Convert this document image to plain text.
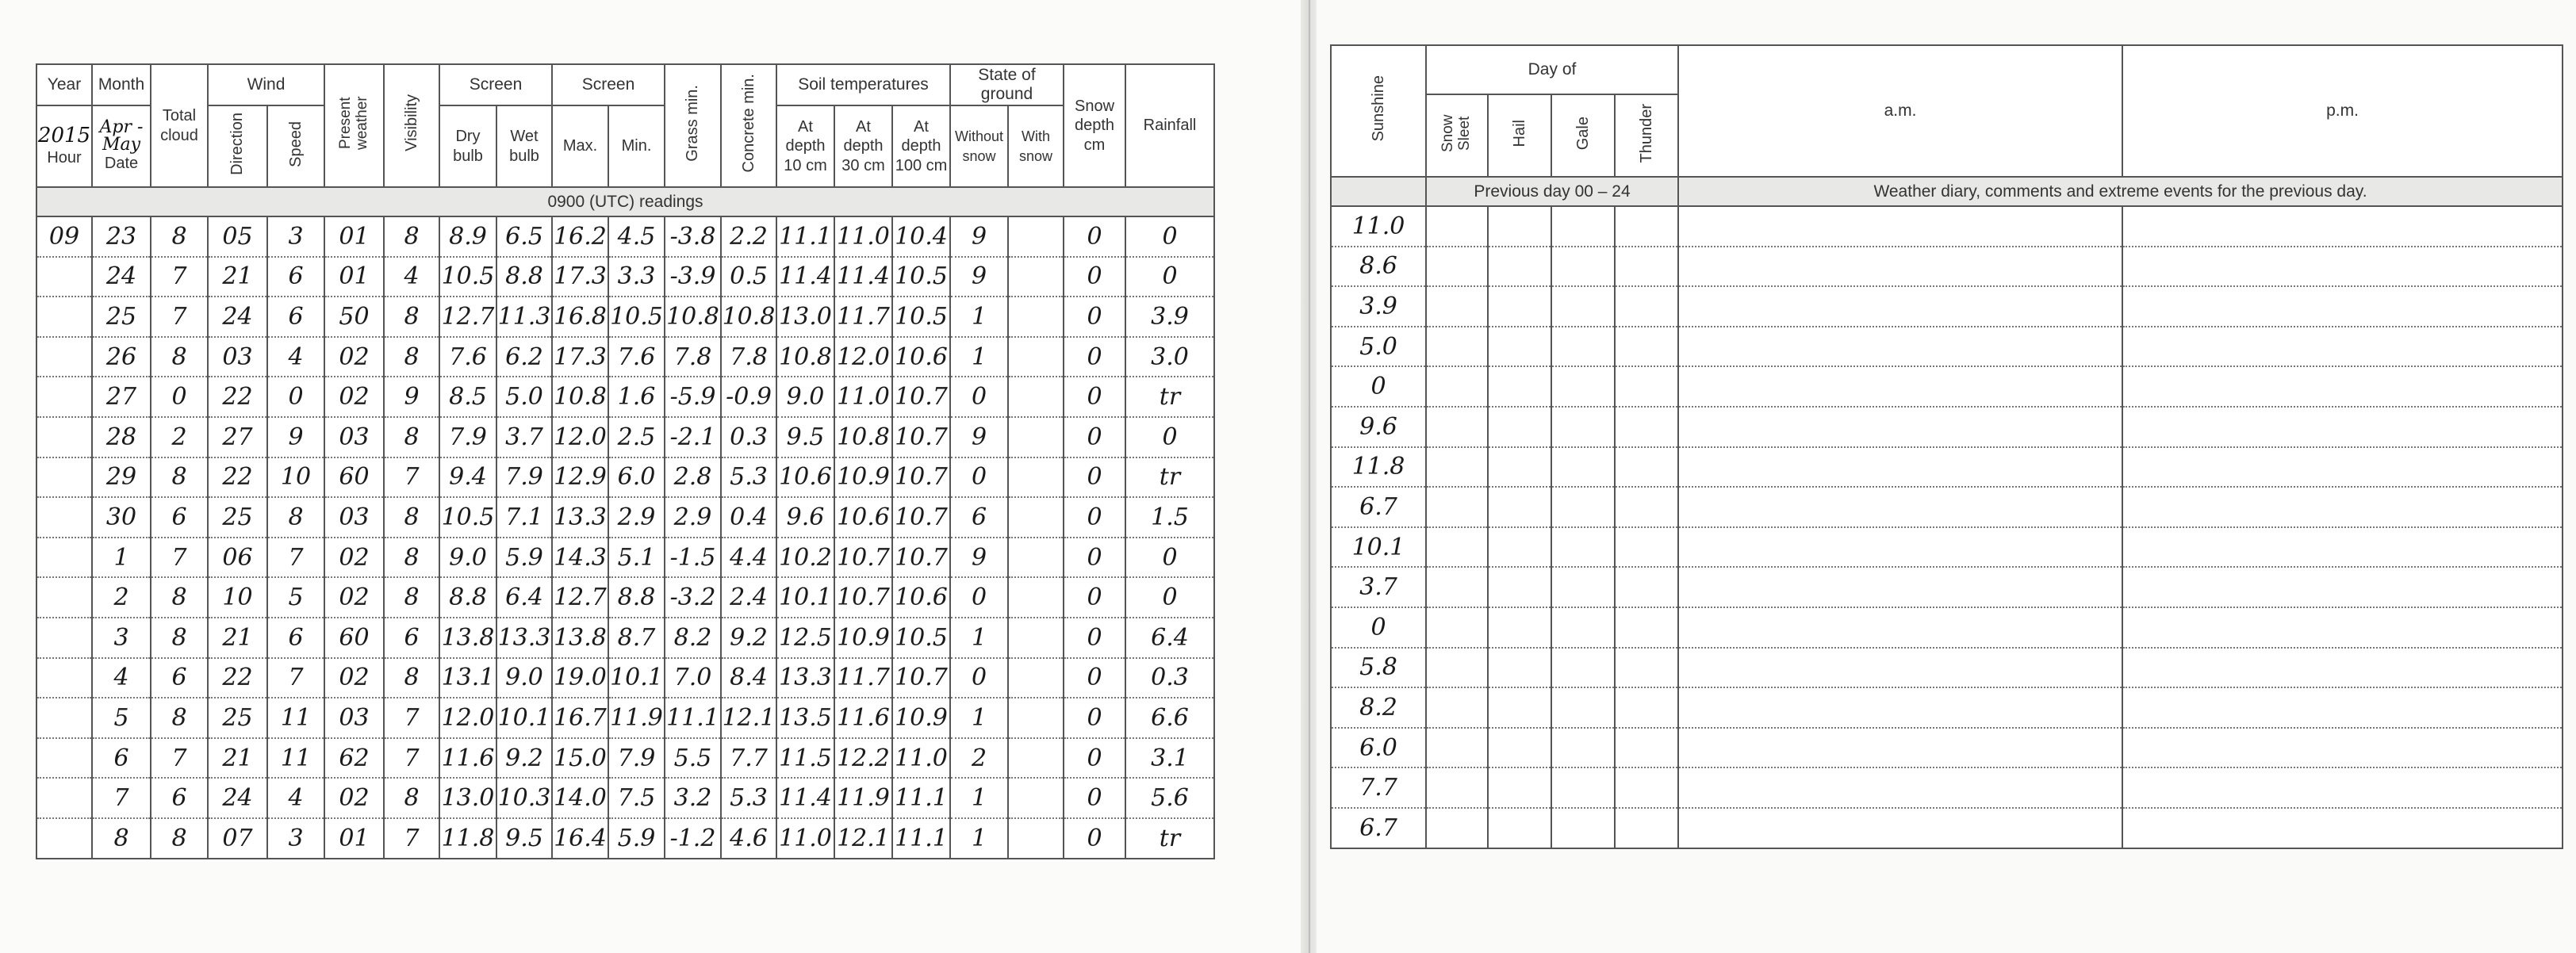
Year	Month	Total cloud	Wind		Present weather	Visibility	Screen		Screen		Grass min.	Concrete min.	Soil temperatures			State of ground		Snow depth cm	Rainfall

2015
Hour	Apr - May
Date		Direction	Speed			Dry bulb	Wet bulb	Max.	Min.			At depth 10 cm	At depth 30 cm	At depth 100 cm	Without snow	With snow		
0900 (UTC) readings																			
09	23	8	05	3	01	8	8.9	6.5	16.2	4.5	-3.8	2.2	11.1	11.0	10.4	9		0	0
	24	7	21	6	01	4	10.5	8.8	17.3	3.3	-3.9	0.5	11.4	11.4	10.5	9		0	0
	25	7	24	6	50	8	12.7	11.3	16.8	10.5	10.8	10.8	13.0	11.7	10.5	1		0	3.9
	26	8	03	4	02	8	7.6	6.2	17.3	7.6	7.8	7.8	10.8	12.0	10.6	1		0	3.0
	27	0	22	0	02	9	8.5	5.0	10.8	1.6	-5.9	-0.9	9.0	11.0	10.7	0		0	tr
	28	2	27	9	03	8	7.9	3.7	12.0	2.5	-2.1	0.3	9.5	10.8	10.7	9		0	0
	29	8	22	10	60	7	9.4	7.9	12.9	6.0	2.8	5.3	10.6	10.9	10.7	0		0	tr
	30	6	25	8	03	8	10.5	7.1	13.3	2.9	2.9	0.4	9.6	10.6	10.7	6		0	1.5
	1	7	06	7	02	8	9.0	5.9	14.3	5.1	-1.5	4.4	10.2	10.7	10.7	9		0	0
	2	8	10	5	02	8	8.8	6.4	12.7	8.8	-3.2	2.4	10.1	10.7	10.6	0		0	0
	3	8	21	6	60	6	13.8	13.3	13.8	8.7	8.2	9.2	12.5	10.9	10.5	1		0	6.4
	4	6	22	7	02	8	13.1	9.0	19.0	10.1	7.0	8.4	13.3	11.7	10.7	0		0	0.3
	5	8	25	11	03	7	12.0	10.1	16.7	11.9	11.1	12.1	13.5	11.6	10.9	1		0	6.6
	6	7	21	11	62	7	11.6	9.2	15.0	7.9	5.5	7.7	11.5	12.2	11.0	2		0	3.1
	7	6	24	4	02	8	13.0	10.3	14.0	7.5	3.2	5.3	11.4	11.9	11.1	1		0	5.6
	8	8	07	3	01	7	11.8	9.5	16.4	5.9	-1.2	4.6	11.0	12.1	11.1	1		0	tr
Sunshine	Day of				a.m.	p.m.
	Snow Sleet	Hail	Gale	Thunder		
	Previous day 00 – 24				Weather diary, comments and extreme events for the previous day.	
11.0						
8.6						
3.9						
5.0						
0						
9.6						
11.8						
6.7						
10.1						
3.7						
0						
5.8						
8.2						
6.0						
7.7						
6.7						
